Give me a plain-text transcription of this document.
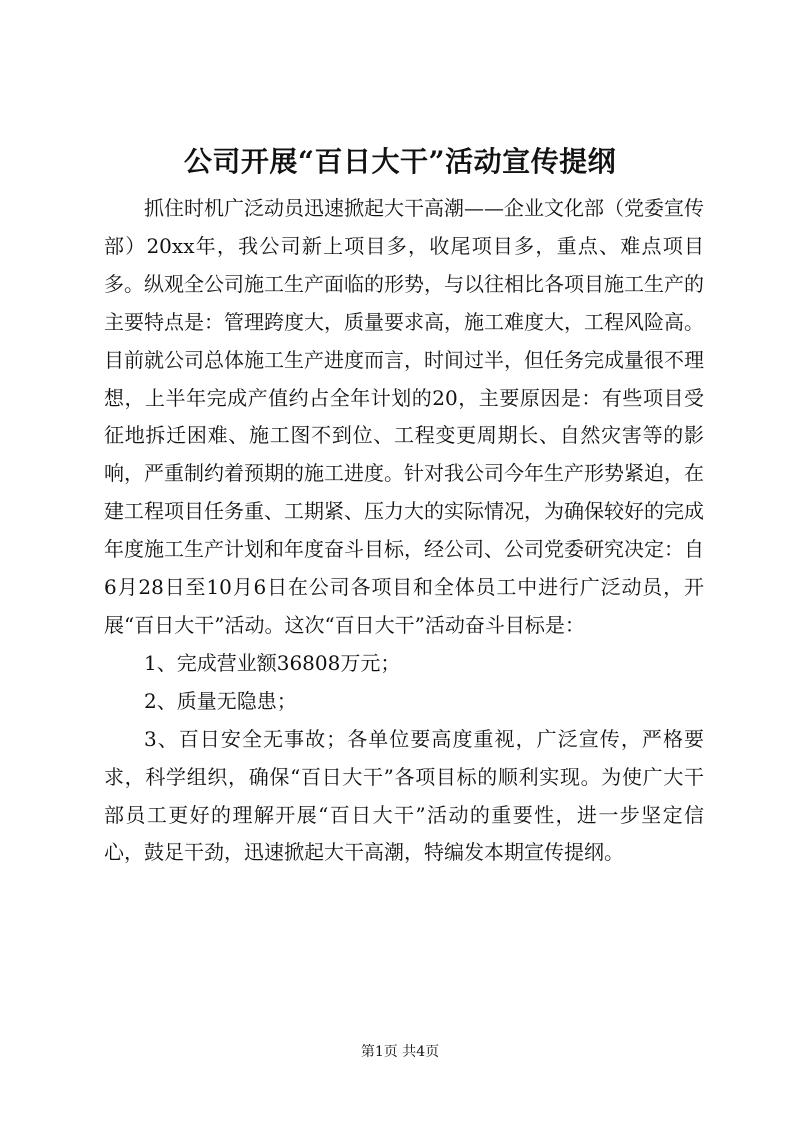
公司开展“百日大干”活动宣传提纲

抓住时机广泛动员迅速掀起大干高潮——企业文化部（党委宣传部）20xx年，我公司新上项目多，收尾项目多，重点、难点项目多。纵观全公司施工生产面临的形势，与以往相比各项目施工生产的主要特点是：管理跨度大，质量要求高，施工难度大，工程风险高。目前就公司总体施工生产进度而言，时间过半，但任务完成量很不理想，上半年完成产值约占全年计划的20，主要原因是：有些项目受征地拆迁困难、施工图不到位、工程变更周期长、自然灾害等的影响，严重制约着预期的施工进度。针对我公司今年生产形势紧迫，在建工程项目任务重、工期紧、压力大的实际情况，为确保较好的完成年度施工生产计划和年度奋斗目标，经公司、公司党委研究决定：自6月28日至10月6日在公司各项目和全体员工中进行广泛动员，开展“百日大干”活动。这次“百日大干”活动奋斗目标是：

1、完成营业额36808万元；

2、质量无隐患；

3、百日安全无事故；各单位要高度重视，广泛宣传，严格要求，科学组织，确保“百日大干”各项目标的顺利实现。为使广大干部员工更好的理解开展“百日大干”活动的重要性，进一步坚定信心，鼓足干劲，迅速掀起大干高潮，特编发本期宣传提纲。

第1页 共4页
